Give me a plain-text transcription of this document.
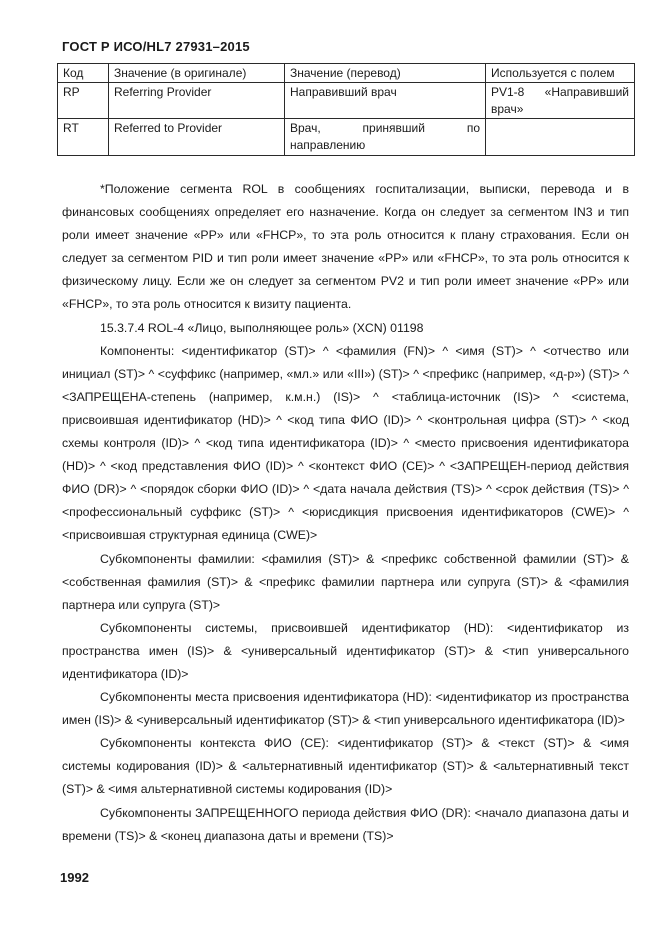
ГОСТ Р ИСО/HL7 27931–2015
Код	Значение (в оригинале)	Значение (перевод)	Используется с полем
RP	Referring Provider	Направивший врач	PV1-8 «Направивший врач»
RT	Referred to Provider	Врач, принявший по направлению	

*Положение сегмента ROL в сообщениях госпитализации, выписки, перевода и в финансовых сообщениях определяет его назначение. Когда он следует за сегментом IN3 и тип роли имеет значение «PP» или «FHCP», то эта роль относится к плану страхования. Если он следует за сегментом PID и тип роли имеет значение «PP» или «FHCP», то эта роль относится к физическому лицу. Если же он следует за сегментом PV2 и тип роли имеет значение «PP» или «FHCP», то эта роль относится к визиту пациента.

15.3.7.4 ROL-4 «Лицо, выполняющее роль» (XCN) 01198

Компоненты: <идентификатор (ST)> ^ <фамилия (FN)> ^ <имя (ST)> ^ <отчество или инициал (ST)> ^ <суффикс (например, «мл.» или «III») (ST)> ^ <префикс (например, «д-р») (ST)> ^ <ЗАПРЕЩЕНА-степень (например, к.м.н.) (IS)> ^ <таблица-источник (IS)> ^ <система, присвоившая идентификатор (HD)> ^ <код типа ФИО (ID)> ^ <контрольная цифра (ST)> ^ <код схемы контроля (ID)> ^ <код типа идентификатора (ID)> ^ <место присвоения идентификатора (HD)> ^ <код представления ФИО (ID)> ^ <контекст ФИО (CE)> ^ <ЗАПРЕЩЕН-период действия ФИО (DR)> ^ <порядок сборки ФИО (ID)> ^ <дата начала действия (TS)> ^ <срок действия (TS)> ^ <профессиональный суффикс (ST)> ^ <юрисдикция присвоения идентификаторов (CWE)> ^ <присвоившая структурная единица (CWE)>

Субкомпоненты фамилии: <фамилия (ST)> & <префикс собственной фамилии (ST)> & <собственная фамилия (ST)> & <префикс фамилии партнера или супруга (ST)> & <фамилия партнера или супруга (ST)>

Субкомпоненты системы, присвоившей идентификатор (HD): <идентификатор из пространства имен (IS)> & <универсальный идентификатор (ST)> & <тип универсального идентификатора (ID)>

Субкомпоненты места присвоения идентификатора (HD): <идентификатор из пространства имен (IS)> & <универсальный идентификатор (ST)> & <тип универсального идентификатора (ID)>

Субкомпоненты контекста ФИО (CE): <идентификатор (ST)> & <текст (ST)> & <имя системы кодирования (ID)> & <альтернативный идентификатор (ST)> & <альтернативный текст (ST)> & <имя альтернативной системы кодирования (ID)>

Субкомпоненты ЗАПРЕЩЕННОГО периода действия ФИО (DR): <начало диапазона даты и времени (TS)> & <конец диапазона даты и времени (TS)>

1992
